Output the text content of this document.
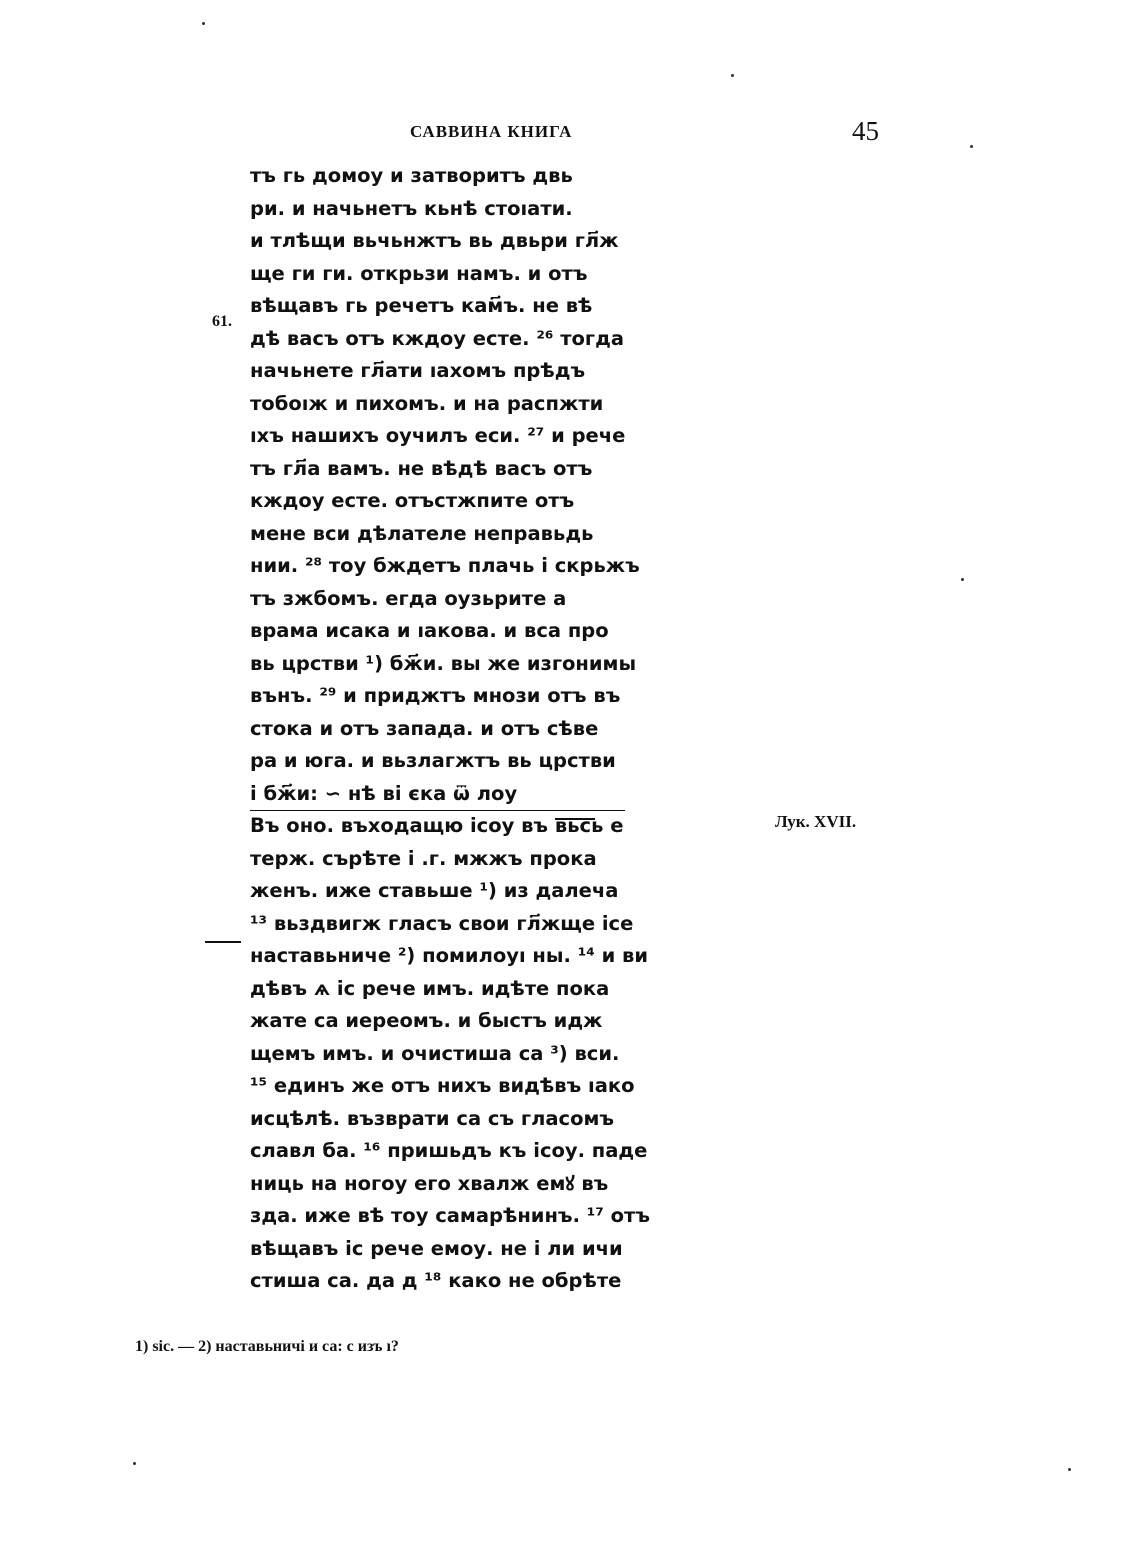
САВВИНА КНИГА	45
61.
Лук. XVII.
тъ гь домоу и затворитъ двь
ри. и начьнетъ кьнѣ стоıати.
и тлѣщи вьчьнжтъ вь двьри гл҃ж
ще ги ги. открьзи намъ. и отъ
вѣщавъ гь речетъ кам҃ъ. не вѣ
дѣ васъ отъ кждоу есте. ²⁶ тогда
начьнете гл҃ати ıахомъ прѣдъ
тобоıж и пихомъ. и на распжти
ıхъ нашихъ оучилъ еси. ²⁷ и рече
тъ гл҃а вамъ. не вѣдѣ васъ отъ
кждоу есте. отъстжпите отъ
мене вси дѣлателе неправьдь
нии. ²⁸ тоу бждетъ плачь і скрьжъ
тъ зжбомъ. егда оузьрите а
врама исака и ıакова. и вса про
вь црстви ¹) бж҃и. вы же изгонимы
вънъ. ²⁹ и приджтъ мнози отъ въ
стока и отъ запада. и отъ сѣве
ра и юга. и вьзлагжтъ вь црстви
і бж҃и: ∽ нѣ ві єка ѿ лоу
Въ оно. въходащю ісоу въ вьсь е
терж. сърѣте і .г. мжжъ прока
женъ. иже ставьше ¹) из далеча
¹³ вьздвигж гласъ свои гл҃жще ісе
наставьниче ²) помилоуı ны. ¹⁴ и ви
дѣвъ ѧ іс рече имъ. идѣте пока
жате са иереомъ. и быстъ идж
щемъ имъ. и очистиша са ³) вси.
¹⁵ единъ же отъ нихъ видѣвъ ıако
исцѣлѣ. възврати са съ гласомъ
славл ба. ¹⁶ пришьдъ къ ісоу. паде
ниць на ногоу его хвалж емꙋ въ
зда. иже вѣ тоу самарѣнинъ. ¹⁷ отъ
вѣщавъ іс рече емоу. не і ли ичи
стиша са. да д ¹⁸ како не обрѣте
1) sic. — 2) наставьничі и са: с изъ ı?
